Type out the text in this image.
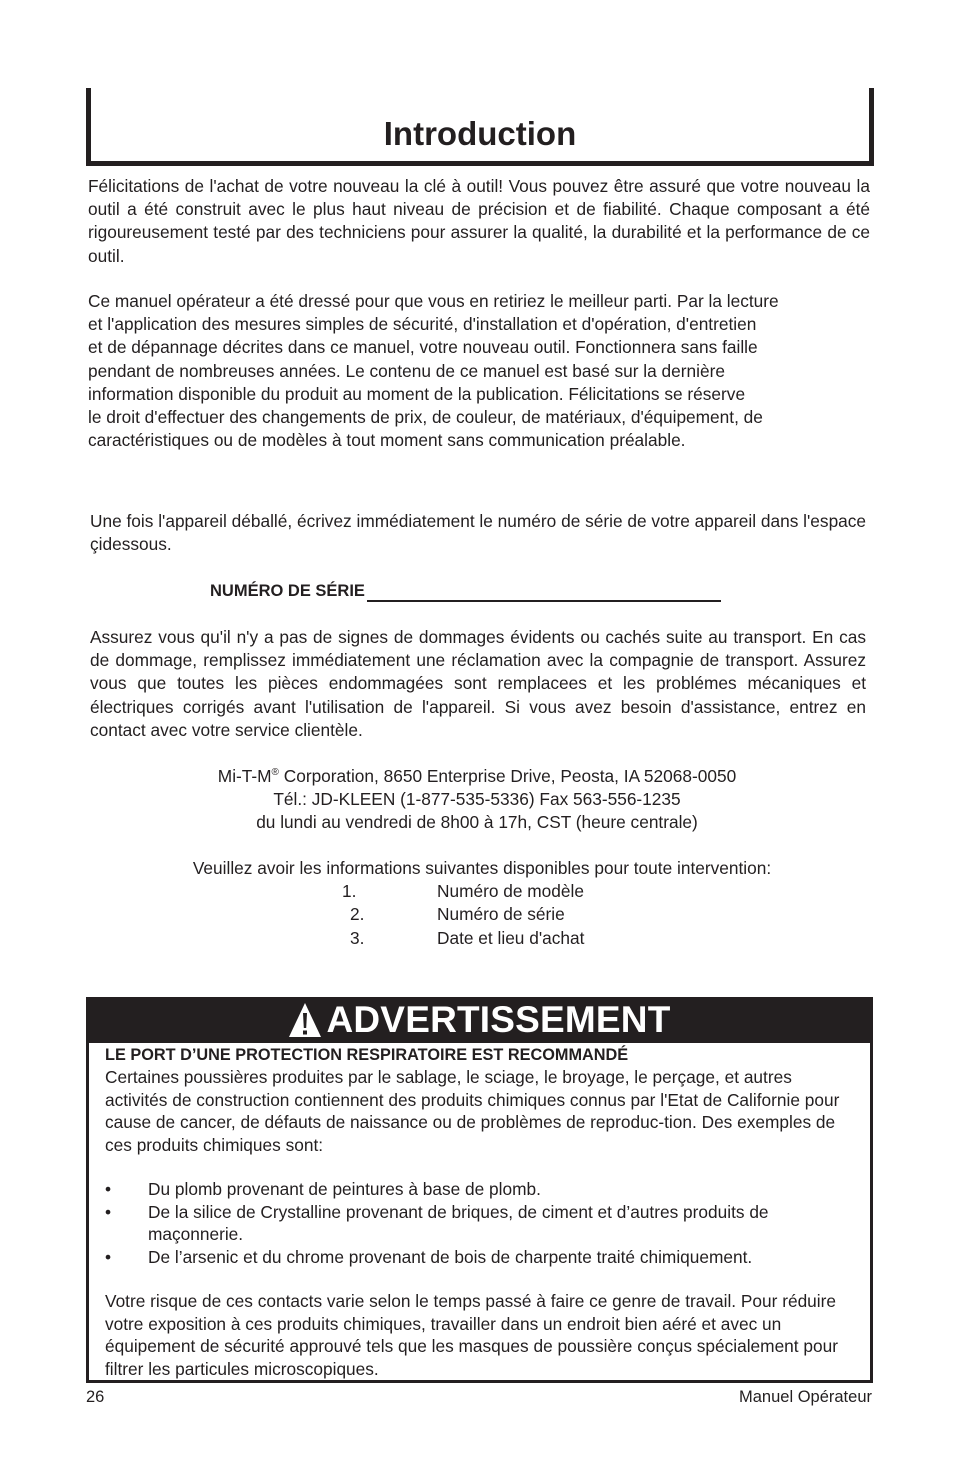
Introduction

Félicitations de l'achat de votre nouveau la clé à outil! Vous pouvez être assuré que votre nouveau la outil a été construit avec le plus haut niveau de précision et de fiabilité. Chaque composant a été rigoureusement testé par des techniciens pour assurer la qualité, la durabilité et la performance de ce outil.

Ce manuel opérateur a été dressé pour que vous en retiriez le meilleur parti. Par la lecture
et l'application des mesures simples de sécurité, d'installation et d'opération, d'entretien
et de dépannage décrites dans ce manuel, votre nouveau outil. Fonctionnera sans faille
pendant de nombreuses années. Le contenu de ce manuel est basé sur la dernière
information disponible du produit au moment de la publication. Félicitations se réserve
le droit d'effectuer des changements de prix, de couleur, de matériaux, d'équipement, de
caractéristiques ou de modèles à tout moment sans communication préalable.

Une fois l'appareil déballé, écrivez immédiatement le numéro de série de votre appareil dans l'espace çidessous.

NUMÉRO DE SÉRIE

Assurez vous qu'il n'y a pas de signes de dommages évidents ou cachés suite au transport. En cas de dommage, remplissez immédiatement une réclamation avec la compagnie de transport. Assurez vous que toutes les pièces endommagées sont remplacees et les problémes mécaniques et électriques corrigés avant l'utilisation de l'appareil. Si vous avez besoin d'assistance, entrez en contact avec votre service clientèle.

Mi-T-M® Corporation, 8650 Enterprise Drive, Peosta, IA 52068-0050
Tél.: JD-KLEEN (1-877-535-5336) Fax 563-556-1235
du lundi au vendredi de 8h00 à 17h, CST (heure centrale)
Veuillez avoir les informations suivantes disponibles pour toute intervention:
1.	Numéro de modèle
2.	Numéro de série
3.	Date et lieu d'achat
ADVERTISSEMENT

LE PORT D’UNE PROTECTION RESPIRATOIRE EST RECOMMANDÉ

Certaines poussières produites par le sablage, le sciage, le broyage, le perçage, et autres activités de construction contiennent des produits chimiques connus par l'Etat de Californie pour cause de cancer, de défauts de naissance ou de problèmes de reproduc-tion. Des exemples de ces produits chimiques sont:

•	Du plomb provenant de peintures à base de plomb.
•	De la silice de Crystalline provenant de briques, de ciment et d’autres produits de maçonnerie.
•	De l’arsenic et du chrome provenant de bois de charpente traité chimiquement.

Votre risque de ces contacts varie selon le temps passé à faire ce genre de travail. Pour réduire votre exposition à ces produits chimiques, travailler dans un endroit bien aéré et avec un équipement de sécurité approuvé tels que les masques de poussière conçus spécialement pour filtrer les particules microscopiques.

26	Manuel Opérateur
